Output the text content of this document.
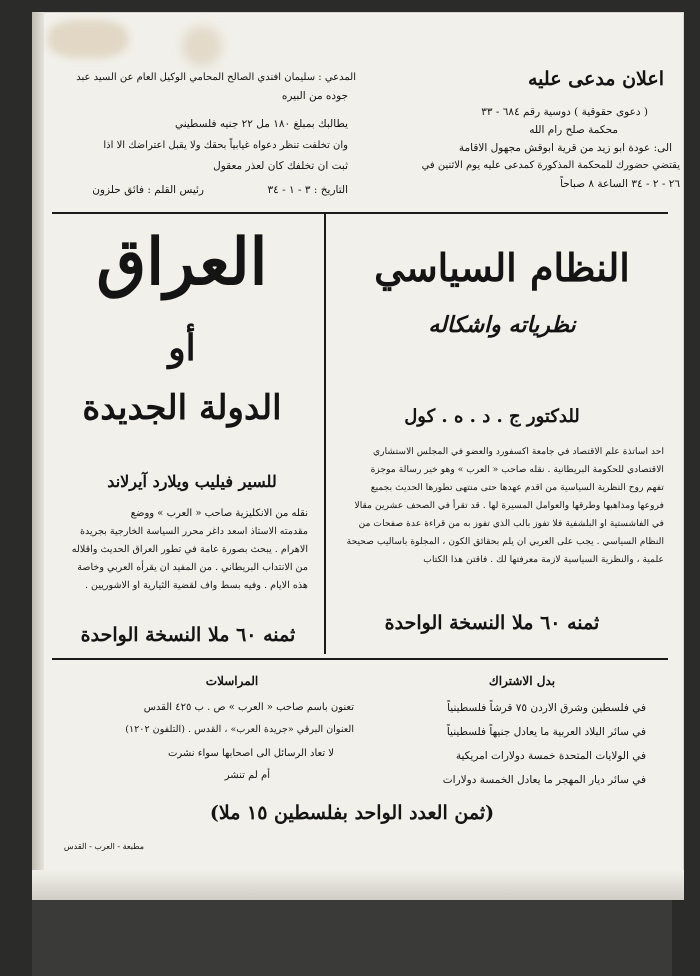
اعلان مدعى عليه
( دعوى حقوقية ) دوسية رقم ٦٨٤ - ٣٣
محكمة صلح رام الله
الى: عودة ابو زيد من قرية ابوقش مجهول الاقامة
يقتضي حضورك للمحكمة المذكورة كمدعى عليه يوم الاثنين في
٢٦ - ٢ - ٣٤ الساعة ٨ صباحاً
المدعي : سليمان افندي الصالح المحامي الوكيل العام عن السيد عبد
جوده من البيره
يطالبك بمبلغ ١٨٠ مل ٢٢ جنيه فلسطيني
وان تخلفت تنظر دعواه غيابياً بحقك ولا يقبل اعتراضك الا اذا
ثبت ان تخلفك كان لعذر معقول
التاريخ : ٣ - ١ - ٣٤
رئيس القلم : فائق حلزون
العراق
أو
الدولة الجديدة
للسير فيليب ويلارد آيرلاند
نقله من الانكليزية صاحب « العرب » ووضع
مقدمته الاستاذ اسعد داغر محرر السياسة الخارجية بجريدة
الاهرام . يبحث بصورة عامة في تطور العراق الحديث واقلاله
من الانتداب البريطاني . من المفيد ان يقرأه العربي وخاصة
هذه الايام . وفيه بسط واف لقضية الثيارية او الاشوريين .
ثمنه ٦٠ ملا النسخة الواحدة
النظام السياسي
نظرياته واشكاله
للدكتور ج . د . ه . كول
احد اساتذة علم الاقتصاد في جامعة اكسفورد والعضو في المجلس الاستشاري
الاقتصادي للحكومة البريطانية . نقله صاحب « العرب » وهو خير رسالة موجزة
تفهم روح النظرية السياسية من اقدم عهدها حتى منتهى تطورها الحديث بجميع
فروعها ومذاهبها وطرقها والعوامل المسيرة لها . قد تقرأ في الصحف عشرين مقالا
في الفاشستية او البلشفية فلا تفوز بالب الذي تفوز به من قراءة عدة صفحات من
النظام السياسي . يجب على العربي ان يلم بحقائق الكون ، المجلوة باساليب صحيحة
علمية ، والنظرية السياسية لازمة معرفتها لك . فاقتن هذا الكتاب
ثمنه ٦٠ ملا النسخة الواحدة
بدل الاشتراك
في فلسطين وشرق الاردن ٧٥ قرشاً فلسطينياً
في سائر البلاد العربية ما يعادل جنيهاً فلسطينياً
في الولايات المتحدة خمسة دولارات امريكية
في سائر ديار المهجر ما يعادل الخمسة دولارات
المراسلات
تعنون باسم صاحب « العرب » ص . ب ٤٢٥ القدس
العنوان البرقي «جريدة العرب» ، القدس . (التلفون ١٢٠٢)
لا تعاد الرسائل الى اصحابها سواء نشرت
أم لم تنشر
(ثمن العدد الواحد بفلسطين ١٥ ملا)
مطبعة - العرب - القدس
